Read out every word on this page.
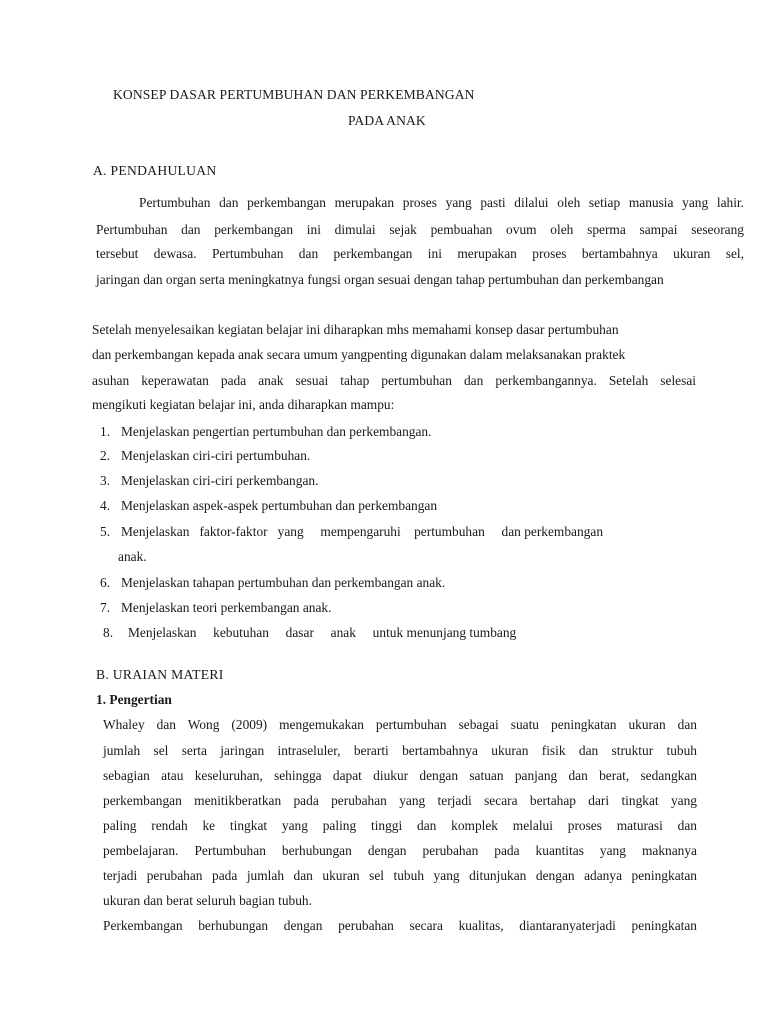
KONSEP DASAR PERTUMBUHAN DAN PERKEMBANGAN

PADA ANAK

A. PENDAHULUAN

Pertumbuhan dan perkembangan merupakan proses yang pasti dilalui oleh setiap manusia yang lahir.

Pertumbuhan dan perkembangan ini dimulai sejak pembuahan ovum oleh sperma sampai seseorang

tersebut dewasa. Pertumbuhan dan perkembangan ini merupakan proses bertambahnya ukuran sel,

jaringan dan organ serta meningkatnya fungsi organ sesuai dengan tahap pertumbuhan dan perkembangan

Setelah menyelesaikan kegiatan belajar ini diharapkan mhs memahami konsep dasar pertumbuhan

dan perkembangan kepada anak secara umum yangpenting digunakan dalam melaksanakan praktek

asuhan keperawatan pada anak sesuai tahap pertumbuhan dan perkembangannya. Setelah selesai

mengikuti kegiatan belajar ini, anda diharapkan mampu:

1. Menjelaskan pengertian pertumbuhan dan perkembangan.
2. Menjelaskan ciri-ciri pertumbuhan.
3. Menjelaskan ciri-ciri perkembangan.
4. Menjelaskan aspek-aspek pertumbuhan dan perkembangan
5. Menjelaskan   faktor-faktor   yang     mempengaruhi    pertumbuhan     dan perkembangan
anak.
6. Menjelaskan tahapan pertumbuhan dan perkembangan anak.
7. Menjelaskan teori perkembangan anak.
8. Menjelaskan     kebutuhan     dasar     anak     untuk menunjang tumbang

B. URAIAN MATERI

1. Pengertian

Whaley dan Wong (2009) mengemukakan pertumbuhan sebagai suatu peningkatan ukuran dan

jumlah sel serta jaringan intraseluler, berarti bertambahnya ukuran fisik dan struktur tubuh

sebagian atau keseluruhan, sehingga dapat diukur dengan satuan panjang dan berat, sedangkan

perkembangan menitikberatkan pada perubahan yang terjadi secara bertahap dari tingkat yang

paling rendah ke tingkat yang paling tinggi dan komplek melalui proses maturasi dan

pembelajaran. Pertumbuhan berhubungan dengan perubahan pada kuantitas yang maknanya

terjadi perubahan pada jumlah dan ukuran sel tubuh yang ditunjukan dengan adanya peningkatan

ukuran dan berat seluruh bagian tubuh.

Perkembangan berhubungan dengan perubahan secara kualitas, diantaranyaterjadi peningkatan
